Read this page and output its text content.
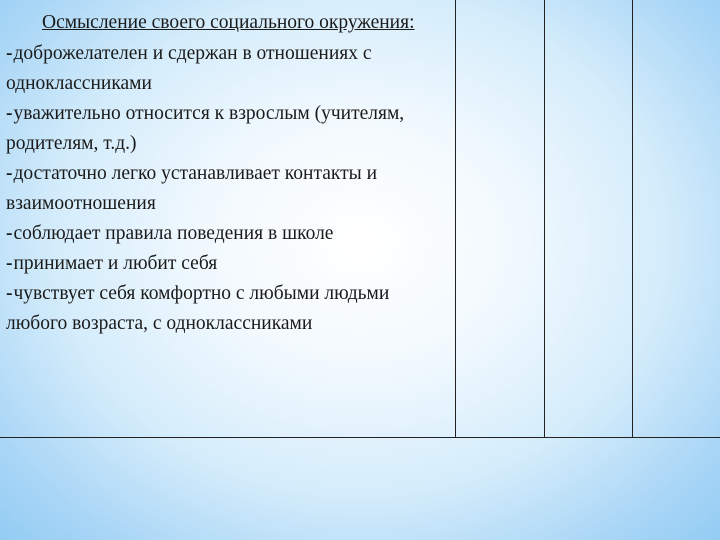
Осмысление своего социального окружения:

-доброжелателен и сдержан в отношениях с одноклассниками

-уважительно относится к взрослым (учителям, родителям, т.д.)

-достаточно легко устанавливает контакты и взаимоотношения

-соблюдает правила поведения в школе

-принимает и любит себя

-чувствует себя комфортно с любыми людьми любого возраста, с одноклассниками
